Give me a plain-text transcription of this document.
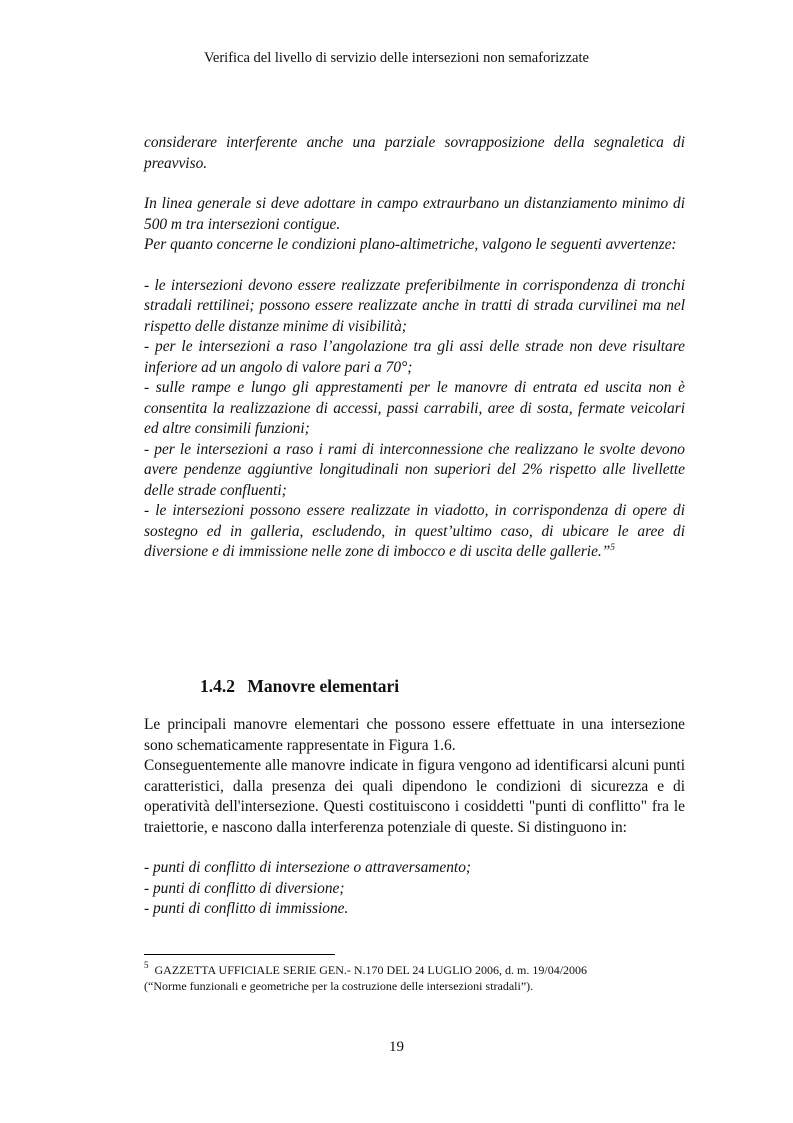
Verifica del livello di servizio delle intersezioni non semaforizzate

considerare interferente anche una parziale sovrapposizione della segnaletica di preavviso.

In linea generale si deve adottare in campo extraurbano un distanziamento minimo di 500 m tra intersezioni contigue.

Per quanto concerne le condizioni plano-altimetriche, valgono le seguenti avvertenze:

- le intersezioni devono essere realizzate preferibilmente in corrispondenza di tronchi stradali rettilinei; possono essere realizzate anche in tratti di strada curvilinei ma nel rispetto delle distanze minime di visibilità;

- per le intersezioni a raso l’angolazione tra gli assi delle strade non deve risultare inferiore ad un angolo di valore pari a 70°;

- sulle rampe e lungo gli apprestamenti per le manovre di entrata ed uscita non è consentita la realizzazione di accessi, passi carrabili, aree di sosta, fermate veicolari ed altre consimili funzioni;

- per le intersezioni a raso i rami di interconnessione che realizzano le svolte devono avere pendenze aggiuntive longitudinali non superiori del 2% rispetto alle livellette delle strade confluenti;

- le intersezioni possono essere realizzate in viadotto, in corrispondenza di opere di sostegno ed in galleria, escludendo, in quest’ultimo caso, di ubicare le aree di diversione e di immissione nelle zone di imbocco e di uscita delle gallerie.”$^5$

1.4.2 Manovre elementari

Le principali manovre elementari che possono essere effettuate in una intersezione sono schematicamente rappresentate in Figura 1.6.

Conseguentemente alle manovre indicate in figura vengono ad identificarsi alcuni punti caratteristici, dalla presenza dei quali dipendono le condizioni di sicurezza e di operatività dell'intersezione. Questi costituiscono i cosiddetti "punti di conflitto" fra le traiettorie, e nascono dalla interferenza potenziale di queste. Si distinguono in:

- punti di conflitto di intersezione o attraversamento;

- punti di conflitto di diversione;

- punti di conflitto di immissione.

$^5$ GAZZETTA UFFICIALE SERIE GEN.- N.170 DEL 24 LUGLIO 2006, d. m. 19/04/2006
(“Norme funzionali e geometriche per la costruzione delle intersezioni stradali”).
19
